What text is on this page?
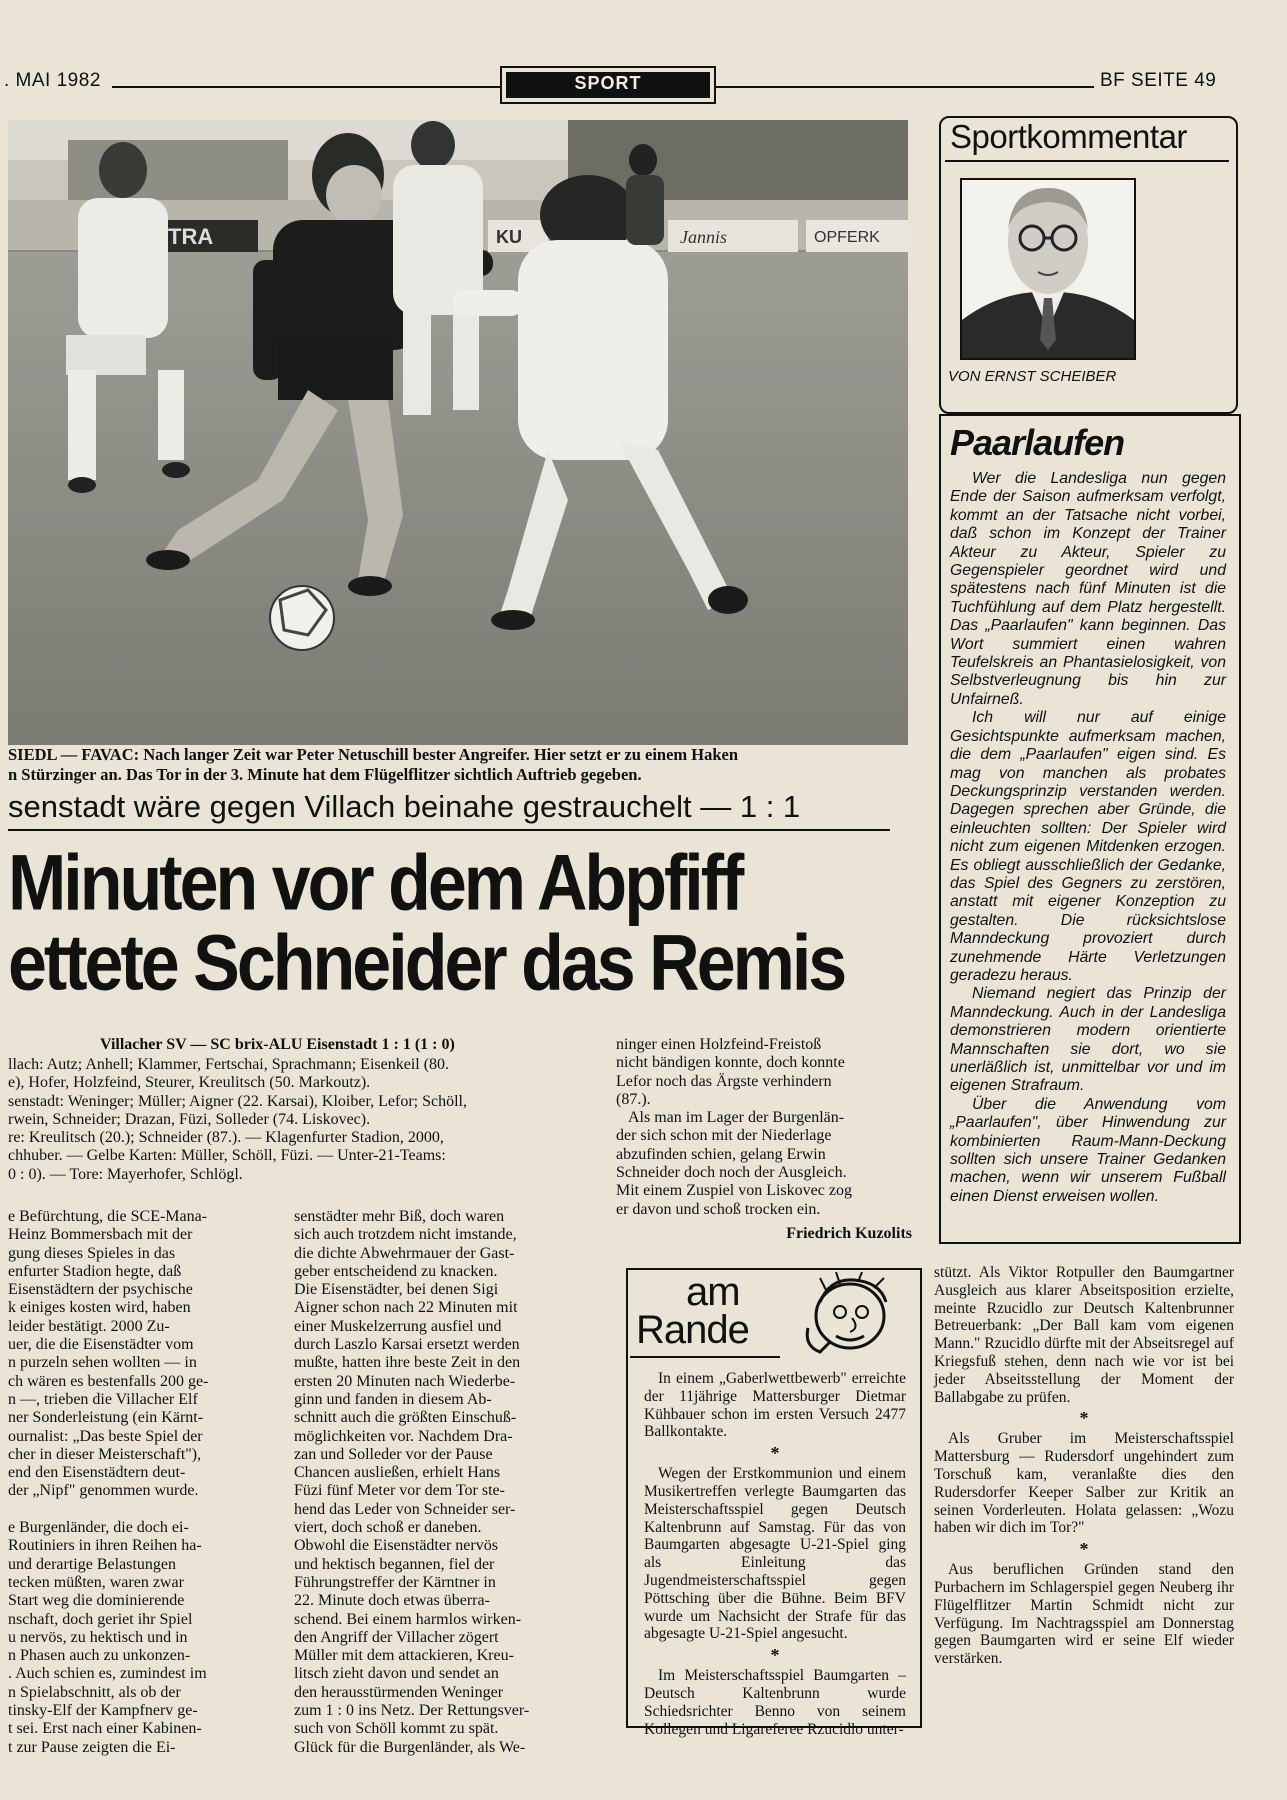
. MAI 1982	SPORT	BF SEITE 49
TRA	KU	Jannis	OPFERK
SIEDL — FAVAC: Nach langer Zeit war Peter Netuschill bester Angreifer. Hier setzt er zu einem Haken
n Stürzinger an. Das Tor in der 3. Minute hat dem Flügelflitzer sichtlich Auftrieb gegeben.
senstadt wäre gegen Villach beinahe gestrauchelt — 1 : 1
Minuten vor dem Abpfiff
ettete Schneider das Remis
Villacher SV — SC brix-ALU Eisenstadt 1 : 1 (1 : 0)
llach: Autz; Anhell; Klammer, Fertschai, Sprachmann; Eisenkeil (80.
e), Hofer, Holzfeind, Steurer, Kreulitsch (50. Markoutz).
senstadt: Weninger; Müller; Aigner (22. Karsai), Kloiber, Lefor; Schöll,
rwein, Schneider; Drazan, Füzi, Solleder (74. Liskovec).
re: Kreulitsch (20.); Schneider (87.). — Klagenfurter Stadion, 2000,
chhuber. — Gelbe Karten: Müller, Schöll, Füzi. — Unter-21-Teams:
0 : 0). — Tore: Mayerhofer, Schlögl.
ninger einen Holzfeind-Freistoß
nicht bändigen konnte, doch konnte
Lefor noch das Ärgste verhindern
(87.).
Als man im Lager der Burgenlän-
der sich schon mit der Niederlage
abzufinden schien, gelang Erwin
Schneider doch noch der Ausgleich.
Mit einem Zuspiel von Liskovec zog
er davon und schoß trocken ein.
Friedrich Kuzolits
e Befürchtung, die SCE-Mana-
Heinz Bommersbach mit der
gung dieses Spieles in das
enfurter Stadion hegte, daß
Eisenstädtern der psychische
k einiges kosten wird, haben
leider bestätigt. 2000 Zu-
uer, die die Eisenstädter vom
n purzeln sehen wollten — in
ch wären es bestenfalls 200 ge-
n —, trieben die Villacher Elf
ner Sonderleistung (ein Kärnt-
ournalist: „Das beste Spiel der
cher in dieser Meisterschaft"),
end den Eisenstädtern deut-
der „Nipf" genommen wurde.

e Burgenländer, die doch ei-
Routiniers in ihren Reihen ha-
und derartige Belastungen
tecken müßten, waren zwar
Start weg die dominierende
nschaft, doch geriet ihr Spiel
u nervös, zu hektisch und in
n Phasen auch zu unkonzen-
. Auch schien es, zumindest im
n Spielabschnitt, als ob der
tinsky-Elf der Kampfnerv ge-
t sei. Erst nach einer Kabinen-
t zur Pause zeigten die Ei-
senstädter mehr Biß, doch waren
sich auch trotzdem nicht imstande,
die dichte Abwehrmauer der Gast-
geber entscheidend zu knacken.
Die Eisenstädter, bei denen Sigi
Aigner schon nach 22 Minuten mit
einer Muskelzerrung ausfiel und
durch Laszlo Karsai ersetzt werden
mußte, hatten ihre beste Zeit in den
ersten 20 Minuten nach Wiederbe-
ginn und fanden in diesem Ab-
schnitt auch die größten Einschuß-
möglichkeiten vor. Nachdem Dra-
zan und Solleder vor der Pause
Chancen ausließen, erhielt Hans
Füzi fünf Meter vor dem Tor ste-
hend das Leder von Schneider ser-
viert, doch schoß er daneben.
Obwohl die Eisenstädter nervös
und hektisch begannen, fiel der
Führungstreffer der Kärntner in
22. Minute doch etwas überra-
schend. Bei einem harmlos wirken-
den Angriff der Villacher zögert
Müller mit dem attackieren, Kreu-
litsch zieht davon und sendet an
den herausstürmenden Weninger
zum 1 : 0 ins Netz. Der Rettungsver-
such von Schöll kommt zu spät.
Glück für die Burgenländer, als We-
Sportkommentar
VON ERNST SCHEIBER
Paarlaufen

Wer die Landesliga nun gegen Ende der Saison aufmerksam verfolgt, kommt an der Tatsache nicht vorbei, daß schon im Konzept der Trainer Akteur zu Akteur, Spieler zu Gegenspieler geordnet wird und spätestens nach fünf Minuten ist die Tuchfühlung auf dem Platz hergestellt. Das „Paarlaufen" kann beginnen. Das Wort summiert einen wahren Teufelskreis an Phantasielosigkeit, von Selbstverleugnung bis hin zur Unfairneß.

Ich will nur auf einige Gesichtspunkte aufmerksam machen, die dem „Paarlaufen" eigen sind. Es mag von manchen als probates Deckungsprinzip verstanden werden. Dagegen sprechen aber Gründe, die einleuchten sollten: Der Spieler wird nicht zum eigenen Mitdenken erzogen. Es obliegt ausschließlich der Gedanke, das Spiel des Gegners zu zerstören, anstatt mit eigener Konzeption zu gestalten. Die rücksichtslose Manndeckung provoziert durch zunehmende Härte Verletzungen geradezu heraus.

Niemand negiert das Prinzip der Manndeckung. Auch in der Landesliga demonstrieren modern orientierte Mannschaften sie dort, wo sie unerläßlich ist, unmittelbar vor und im eigenen Strafraum.

Über die Anwendung vom „Paarlaufen", über Hinwendung zur kombinierten Raum-Mann-Deckung sollten sich unsere Trainer Gedanken machen, wenn wir unserem Fußball einen Dienst erweisen wollen.

am
Rande

In einem „Gaberlwettbewerb" erreichte der 11jährige Mattersburger Dietmar Kühbauer schon im ersten Versuch 2477 Ballkontakte.

*

Wegen der Erstkommunion und einem Musikertreffen verlegte Baumgarten das Meisterschaftsspiel gegen Deutsch Kaltenbrunn auf Samstag. Für das von Baumgarten abgesagte U-21-Spiel ging als Einleitung das Jugendmeisterschaftsspiel gegen Pöttsching über die Bühne. Beim BFV wurde um Nachsicht der Strafe für das abgesagte U-21-Spiel angesucht.

*

Im Meisterschaftsspiel Baumgarten – Deutsch Kaltenbrunn wurde Schiedsrichter Benno von seinem Kollegen und Ligareferee Rzucidlo unter-

stützt. Als Viktor Rotpuller den Baumgartner Ausgleich aus klarer Abseitsposition erzielte, meinte Rzucidlo zur Deutsch Kaltenbrunner Betreuerbank: „Der Ball kam vom eigenen Mann." Rzucidlo dürfte mit der Abseitsregel auf Kriegsfuß stehen, denn nach wie vor ist bei jeder Abseitsstellung der Moment der Ballabgabe zu prüfen.

*

Als Gruber im Meisterschaftsspiel Mattersburg — Rudersdorf ungehindert zum Torschuß kam, veranlaßte dies den Rudersdorfer Keeper Salber zur Kritik an seinen Vorderleuten. Holata gelassen: „Wozu haben wir dich im Tor?"

*

Aus beruflichen Gründen stand den Purbachern im Schlagerspiel gegen Neuberg ihr Flügelflitzer Martin Schmidt nicht zur Verfügung. Im Nachtragsspiel am Donnerstag gegen Baumgarten wird er seine Elf wieder verstärken.
